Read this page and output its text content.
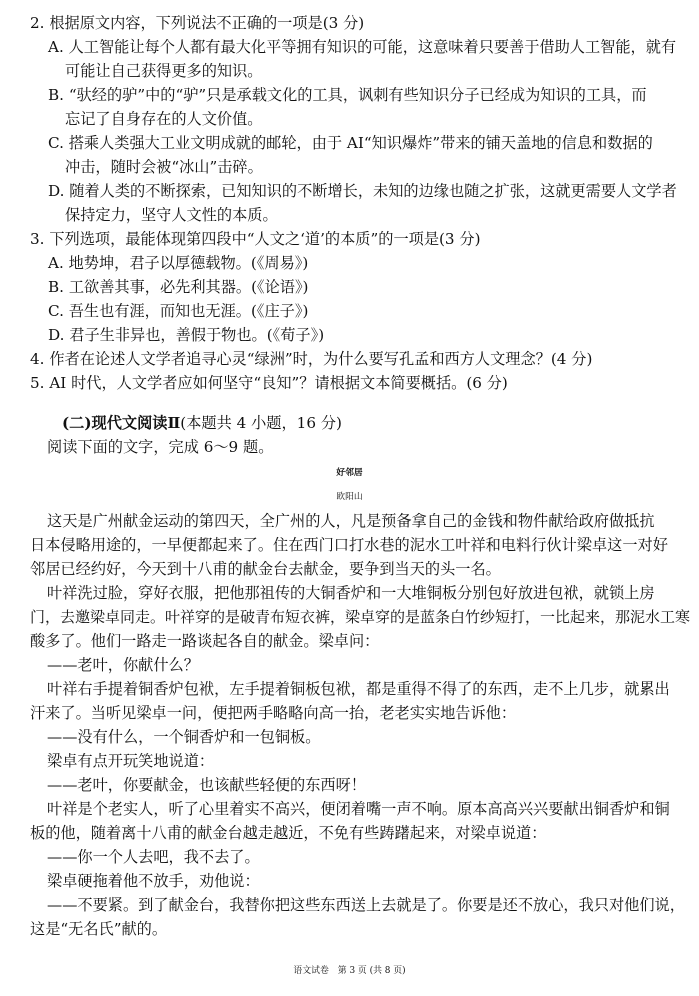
2. 根据原文内容，下列说法不正确的一项是(3 分)
A. 人工智能让每个人都有最大化平等拥有知识的可能，这意味着只要善于借助人工智能，就有
可能让自己获得更多的知识。
B. “驮经的驴”中的“驴”只是承载文化的工具，讽刺有些知识分子已经成为知识的工具，而
忘记了自身存在的人文价值。
C. 搭乘人类强大工业文明成就的邮轮，由于 AI“知识爆炸”带来的铺天盖地的信息和数据的
冲击，随时会被“冰山”击碎。
D. 随着人类的不断探索，已知知识的不断增长，未知的边缘也随之扩张，这就更需要人文学者
保持定力，坚守人文性的本质。
3. 下列选项，最能体现第四段中“人文之‘道’的本质”的一项是(3 分)
A. 地势坤，君子以厚德载物。(《周易》)
B. 工欲善其事，必先利其器。(《论语》)
C. 吾生也有涯，而知也无涯。(《庄子》)
D. 君子生非异也，善假于物也。(《荀子》)
4. 作者在论述人文学者追寻心灵“绿洲”时，为什么要写孔孟和西方人文理念？(4 分)
5. AI 时代，人文学者应如何坚守“良知”？请根据文本简要概括。(6 分)
(二)现代文阅读Ⅱ(本题共 4 小题，16 分)
阅读下面的文字，完成 6～9 题。
好邻居
欧阳山
这天是广州献金运动的第四天，全广州的人，凡是预备拿自己的金钱和物件献给政府做抵抗
日本侵略用途的，一早便都起来了。住在西门口打水巷的泥水工叶祥和电料行伙计梁卓这一对好
邻居已经约好，今天到十八甫的献金台去献金，要争到当天的头一名。
叶祥洗过脸，穿好衣服，把他那祖传的大铜香炉和一大堆铜板分别包好放进包袱，就锁上房
门，去邀梁卓同走。叶祥穿的是破青布短衣裤，梁卓穿的是蓝条白竹纱短打，一比起来，那泥水工寒
酸多了。他们一路走一路谈起各自的献金。梁卓问：
——老叶，你献什么？
叶祥右手提着铜香炉包袱，左手提着铜板包袱，都是重得不得了的东西，走不上几步，就累出
汗来了。当听见梁卓一问，便把两手略略向高一抬，老老实实地告诉他：
——没有什么，一个铜香炉和一包铜板。
梁卓有点开玩笑地说道：
——老叶，你要献金，也该献些轻便的东西呀！
叶祥是个老实人，听了心里着实不高兴，便闭着嘴一声不响。原本高高兴兴要献出铜香炉和铜
板的他，随着离十八甫的献金台越走越近，不免有些踌躇起来，对梁卓说道：
——你一个人去吧，我不去了。
梁卓硬拖着他不放手，劝他说：
——不要紧。到了献金台，我替你把这些东西送上去就是了。你要是还不放心，我只对他们说，
这是“无名氏”献的。
语文试卷　第 3 页 (共 8 页)
